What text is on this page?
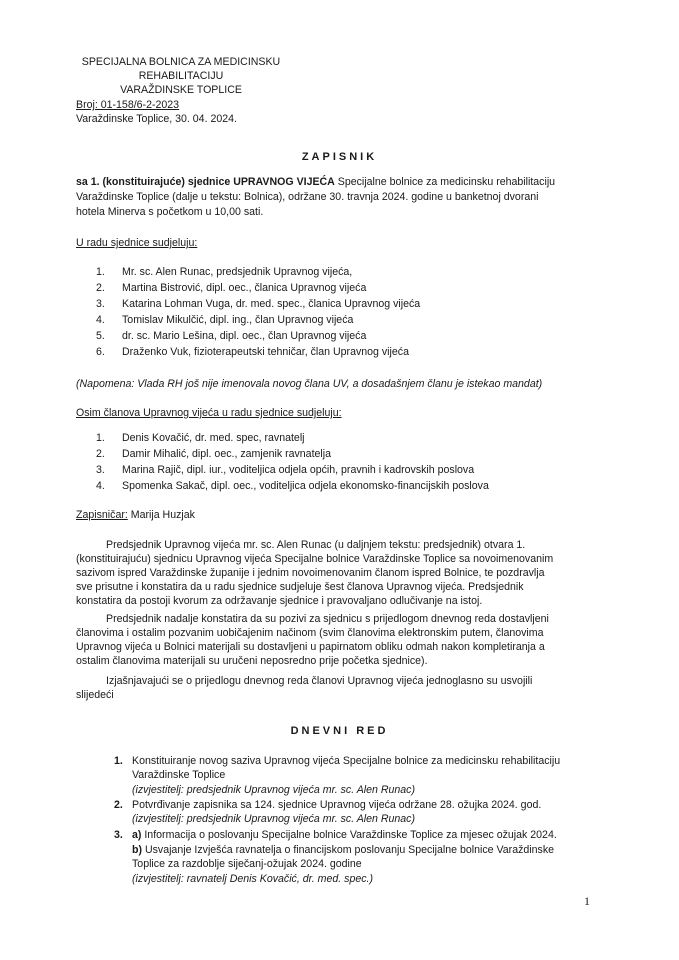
SPECIJALNA BOLNICA ZA MEDICINSKU
REHABILITACIJU
VARAŽDINSKE TOPLICE
Broj: 01-158/6-2-2023
Varaždinske Toplice, 30. 04. 2024.
ZAPISNIK
sa 1. (konstituirajuće) sjednice UPRAVNOG VIJEĆA Specijalne bolnice za medicinsku rehabilitaciju
Varaždinske Toplice (dalje u tekstu: Bolnica), održane 30. travnja 2024. godine u banketnoj dvorani
hotela Minerva s početkom u 10,00 sati.
U radu sjednice sudjeluju:
1. Mr. sc. Alen Runac, predsjednik Upravnog vijeća,
2. Martina Bistrović, dipl. oec., članica Upravnog vijeća
3. Katarina Lohman Vuga, dr. med. spec., članica Upravnog vijeća
4. Tomislav Mikulčić, dipl. ing., član Upravnog vijeća
5. dr. sc. Mario Lešina, dipl. oec., član Upravnog vijeća
6. Draženko Vuk, fizioterapeutski tehničar, član Upravnog vijeća
(Napomena: Vlada RH još nije imenovala novog člana UV, a dosadašnjem članu je istekao mandat)
Osim članova Upravnog vijeća u radu sjednice sudjeluju:
1. Denis Kovačić, dr. med. spec, ravnatelj
2. Damir Mihalić, dipl. oec., zamjenik ravnatelja
3. Marina Rajič, dipl. iur., voditeljica odjela općih, pravnih i kadrovskih poslova
4. Spomenka Sakač, dipl. oec., voditeljica odjela ekonomsko-financijskih poslova
Zapisničar: Marija Huzjak
Predsjednik Upravnog vijeća mr. sc. Alen Runac (u daljnjem tekstu: predsjednik) otvara 1.
(konstituirajuću) sjednicu Upravnog vijeća Specijalne bolnice Varaždinske Toplice sa novoimenovanim
sazivom ispred Varaždinske županije i jednim novoimenovanim članom ispred Bolnice, te pozdravlja
sve prisutne i konstatira da u radu sjednice sudjeluje šest članova Upravnog vijeća. Predsjednik
konstatira da postoji kvorum za održavanje sjednice i pravovaljano odlučivanje na istoj.
Predsjednik nadalje konstatira da su pozivi za sjednicu s prijedlogom dnevnog reda dostavljeni
članovima i ostalim pozvanim uobičajenim načinom (svim članovima elektronskim putem, članovima
Upravnog vijeća u Bolnici materijali su dostavljeni u papirnatom obliku odmah nakon kompletiranja a
ostalim članovima materijali su uručeni neposredno prije početka sjednice).
Izjašnjavajući se o prijedlogu dnevnog reda članovi Upravnog vijeća jednoglasno su usvojili
slijedeći
DNEVNI RED
1. Konstituiranje novog saziva Upravnog vijeća Specijalne bolnice za medicinsku rehabilitaciju
Varaždinske Toplice
(izvjestitelj: predsjednik Upravnog vijeća mr. sc. Alen Runac)
2. Potvrđivanje zapisnika sa 124. sjednice Upravnog vijeća održane 28. ožujka 2024. god.
(izvjestitelj: predsjednik Upravnog vijeća mr. sc. Alen Runac)
3. a) Informacija o poslovanju Specijalne bolnice Varaždinske Toplice za mjesec ožujak 2024.
b) Usvajanje Izvješća ravnatelja o financijskom poslovanju Specijalne bolnice Varaždinske
Toplice za razdoblje siječanj-ožujak 2024. godine
(izvjestitelj: ravnatelj Denis Kovačić, dr. med. spec.)
1
